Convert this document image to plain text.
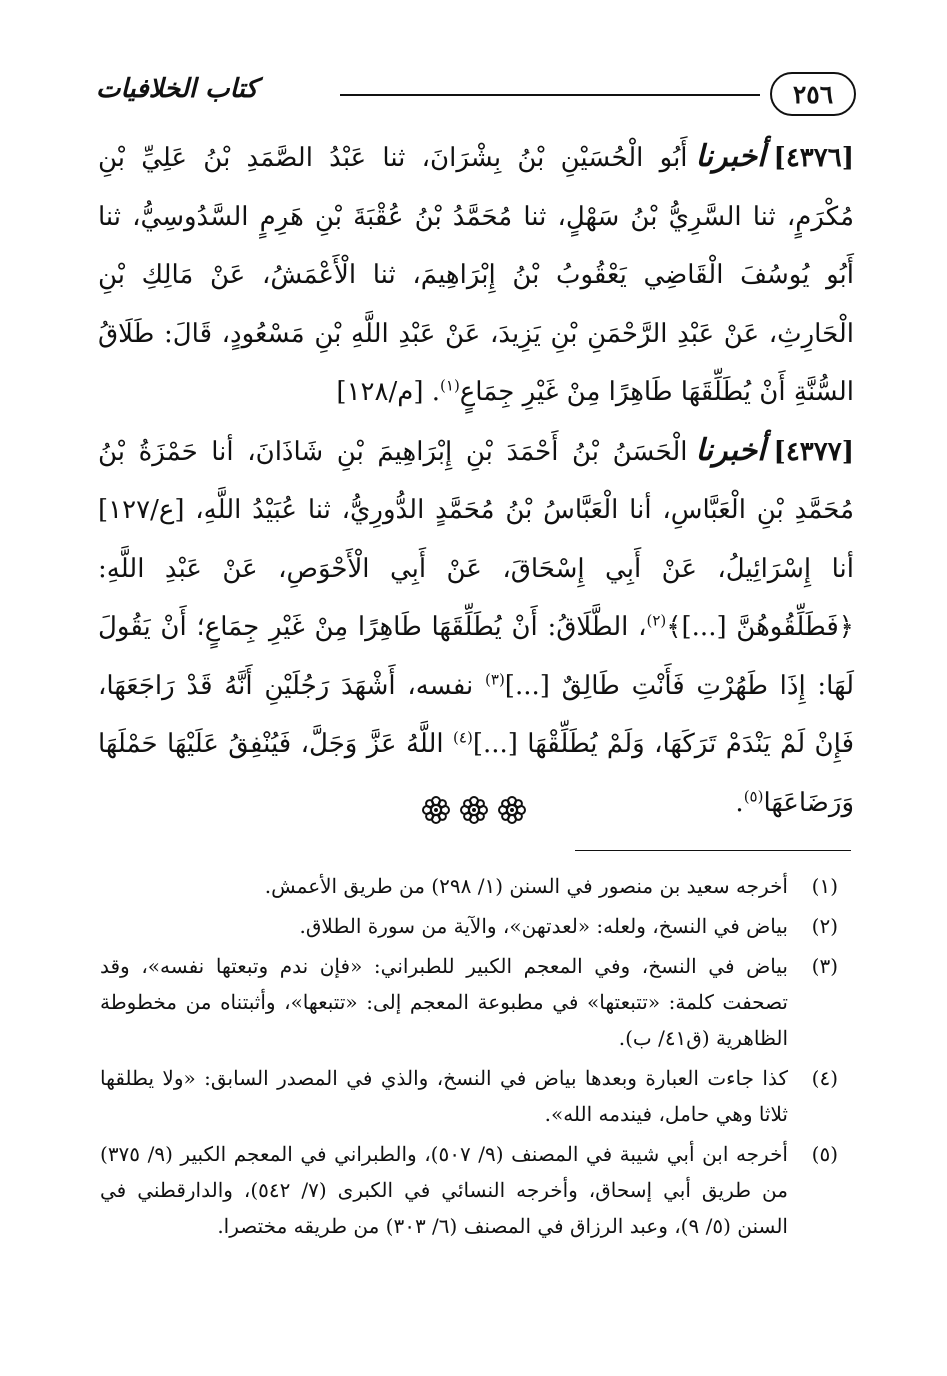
٢٥٦
كتاب الخلافيات

[٤٣٧٦]أخبرناأَبُو الْحُسَيْنِ بْنُ بِشْرَانَ، ثنا عَبْدُ الصَّمَدِ بْنُ عَلِيِّ بْنِ مُكْرَمٍ، ثنا السَّرِيُّ بْنُ سَهْلٍ، ثنا مُحَمَّدُ بْنُ عُقْبَةَ بْنِ هَرِمٍ السَّدُوسِيُّ، ثنا أَبُو يُوسُفَ الْقَاضِي يَعْقُوبُ بْنُ إِبْرَاهِيمَ، ثنا الْأَعْمَشُ، عَنْ مَالِكِ بْنِ الْحَارِثِ، عَنْ عَبْدِ الرَّحْمَنِ بْنِ يَزِيدَ، عَنْ عَبْدِ اللَّهِ بْنِ مَسْعُودٍ، قَالَ: طَلَاقُ السُّنَّةِ أَنْ يُطَلِّقَهَا طَاهِرًا مِنْ غَيْرِ جِمَاعٍ$^{(١)}$. [م/١٢٨]

[٤٣٧٧]أخبرناالْحَسَنُ بْنُ أَحْمَدَ بْنِ إِبْرَاهِيمَ بْنِ شَاذَانَ، أنا حَمْزَةُ بْنُ مُحَمَّدِ بْنِ الْعَبَّاسِ، أنا الْعَبَّاسُ بْنُ مُحَمَّدٍ الدُّورِيُّ، ثنا عُبَيْدُ اللَّهِ، [ع/١٢٧] أنا إِسْرَائِيلُ، عَنْ أَبِي إِسْحَاقَ، عَنْ أَبِي الْأَحْوَصِ، عَنْ عَبْدِ اللَّهِ: ﴿فَطَلِّقُوهُنَّ [...]﴾$^{(٢)}$، الطَّلَاقُ: أَنْ يُطَلِّقَهَا طَاهِرًا مِنْ غَيْرِ جِمَاعٍ؛ أَنْ يَقُولَ لَهَا: إِذَا طَهُرْتِ فَأَنْتِ طَالِقٌ [...]$^{(٣)}$ نفسه، أَشْهَدَ رَجُلَيْنِ أَنَّهُ قَدْ رَاجَعَهَا، فَإِنْ لَمْ يَنْدَمْ تَرَكَهَا، وَلَمْ يُطَلِّقْهَا [...]$^{(٤)}$ اللَّهُ عَزَّ وَجَلَّ، فَيُنْفِقُ عَلَيْهَا حَمْلَهَا وَرَضَاعَهَا$^{(٥)}$.

(١)
أخرجه سعيد بن منصور في السنن (١/ ٢٩٨) من طريق الأعمش.
(٢)
بياض في النسخ، ولعله: «لعدتهن»، والآية من سورة الطلاق.
(٣)
بياض في النسخ، وفي المعجم الكبير للطبراني: «فإن ندم وتبعتها نفسه»، وقد تصحفت كلمة: «تتبعتها» في مطبوعة المعجم إلى: «تتبعها»، وأثبتناه من مخطوطة الظاهرية (ق٤١/ ب).
(٤)
كذا جاءت العبارة وبعدها بياض في النسخ، والذي في المصدر السابق: «ولا يطلقها ثلاثا وهي حامل، فيندمه الله».
(٥)
أخرجه ابن أبي شيبة في المصنف (٩/ ٥٠٧)، والطبراني في المعجم الكبير (٩/ ٣٧٥) من طريق أبي إسحاق، وأخرجه النسائي في الكبرى (٧/ ٥٤٢)، والدارقطني في السنن (٥/ ٩)، وعبد الرزاق في المصنف (٦/ ٣٠٣) من طريقه مختصرا.
